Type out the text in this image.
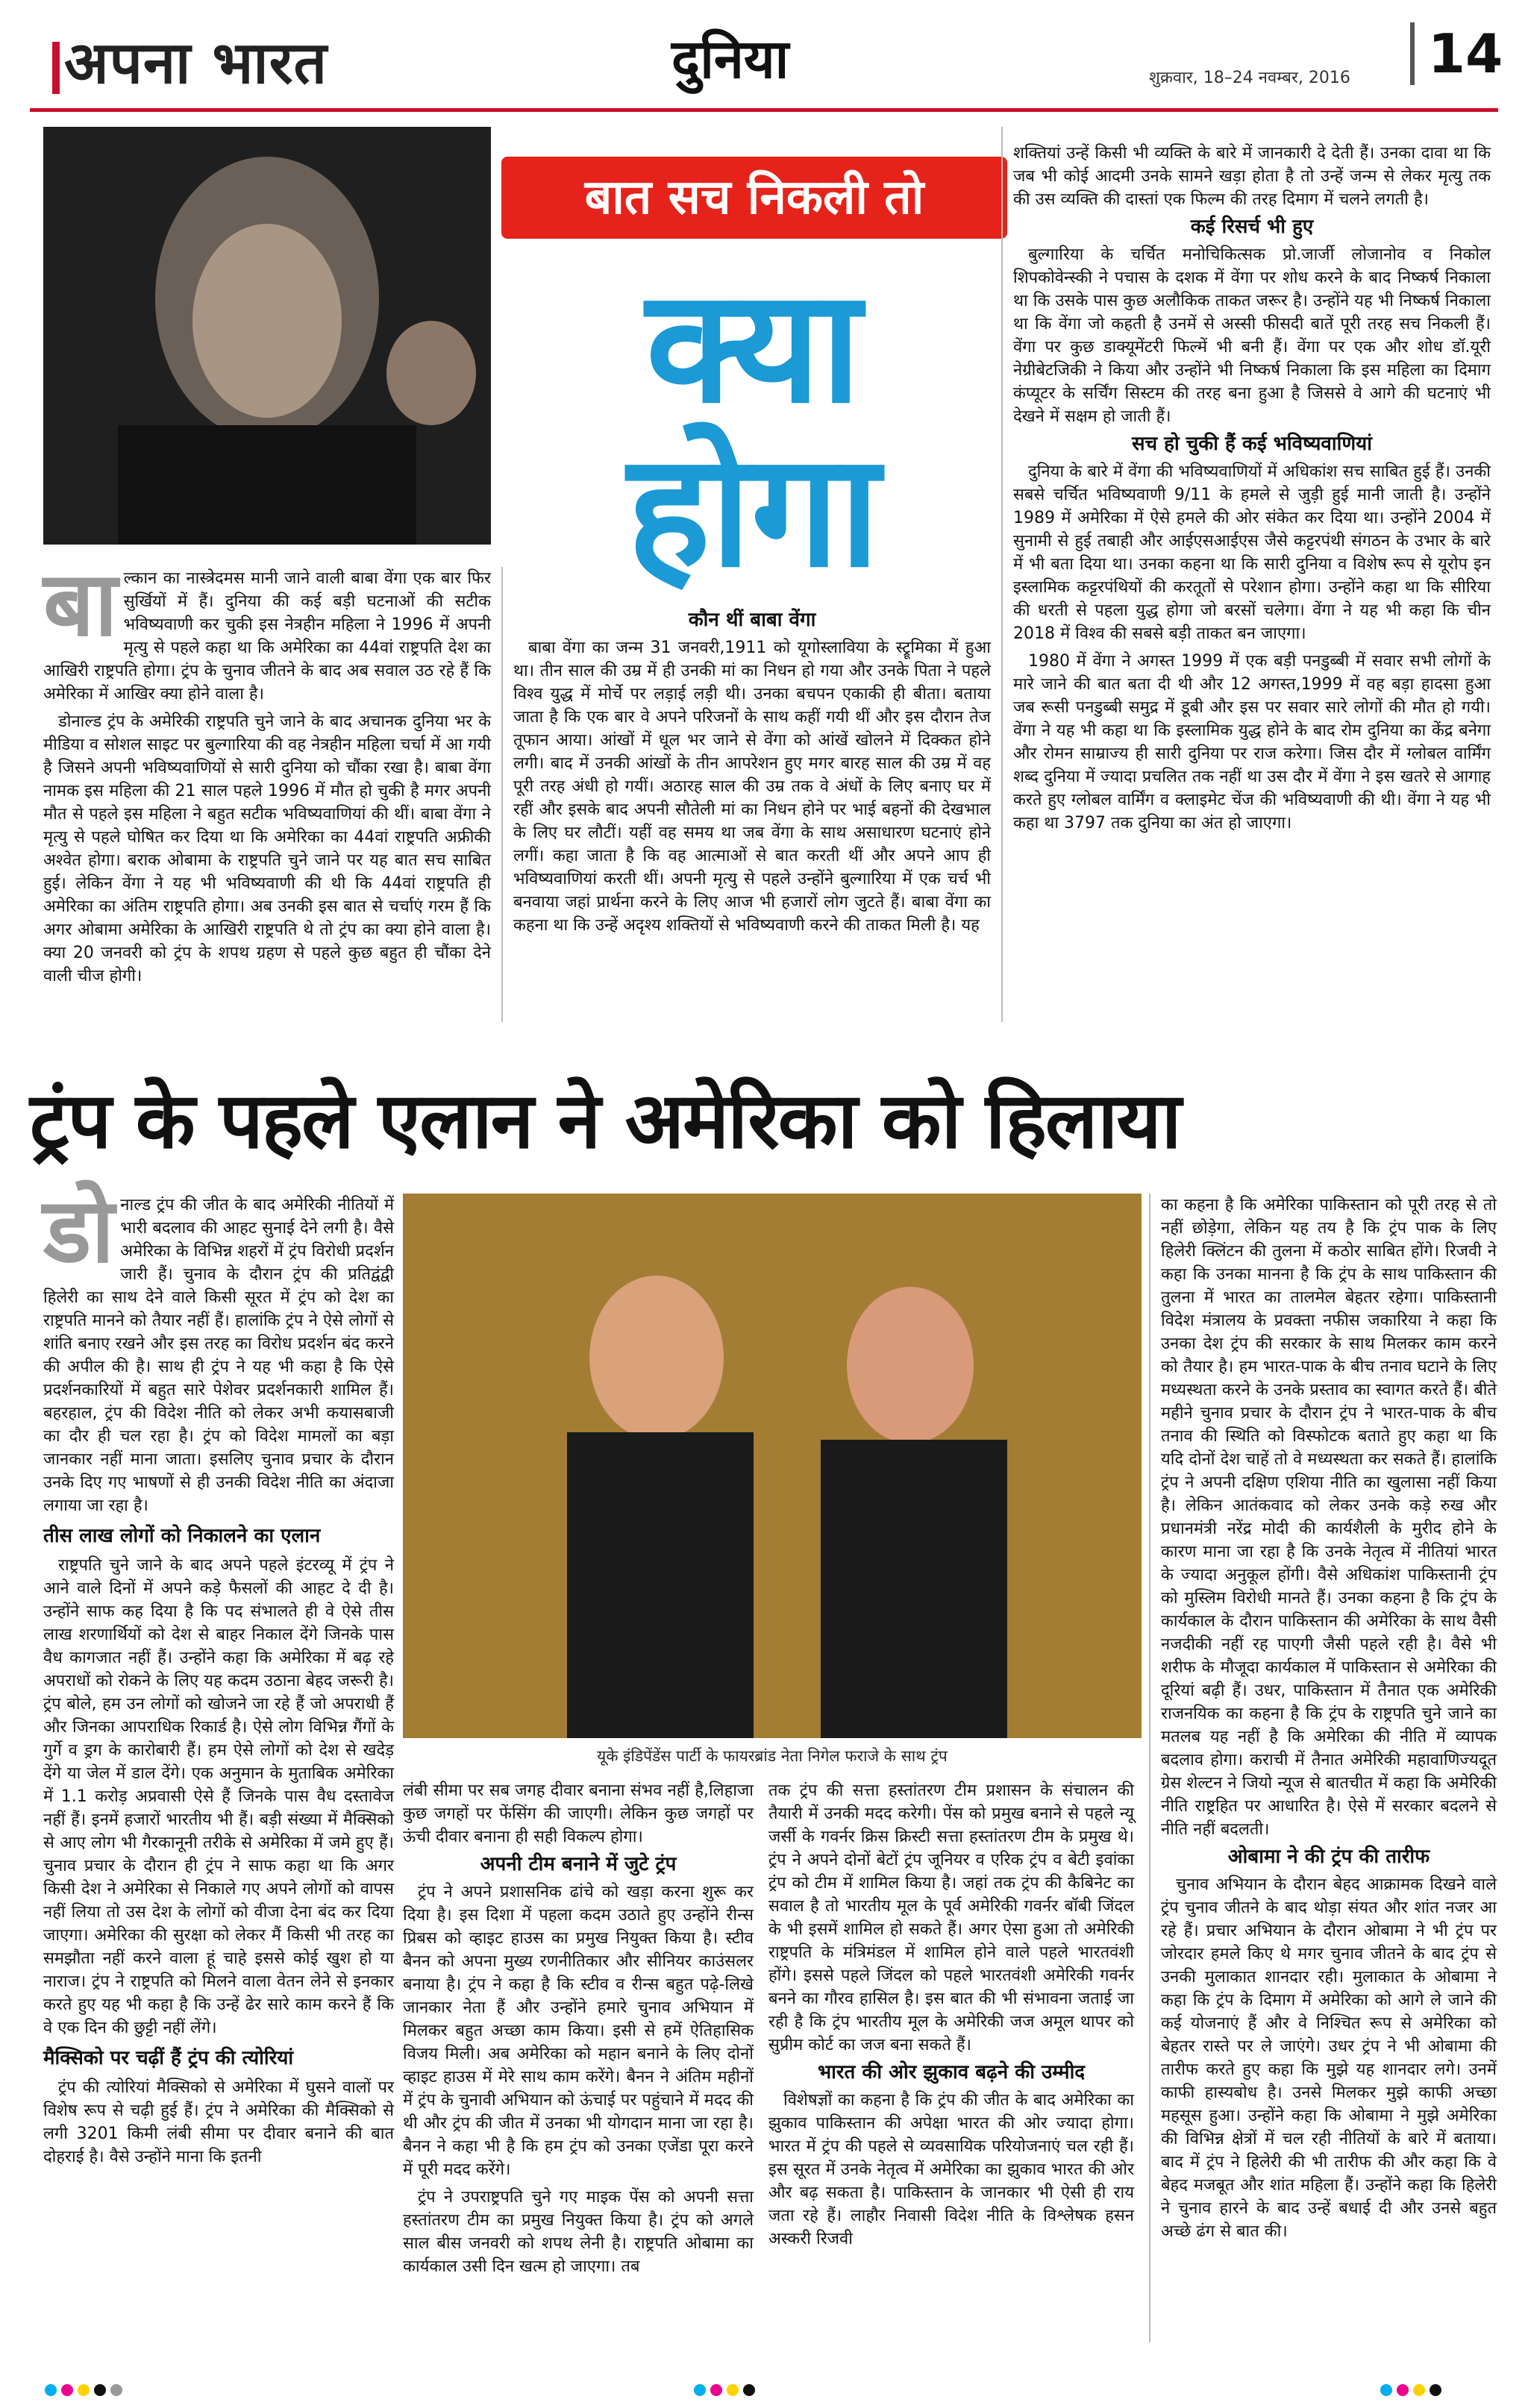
अपना भारत	दुनिया	शुक्रवार, 18–24 नवम्बर, 2016	14
बात सच निकली तो
क्या
होगा
बा ल्कान का नास्त्रेदमस मानी जाने वाली बाबा वेंगा एक बार फिर सुर्खियों में हैं। दुनिया की कई बड़ी घटनाओं की सटीक भविष्यवाणी कर चुकी इस नेत्रहीन महिला ने 1996 में अपनी मृत्यु से पहले कहा था कि अमेरिका का 44वां राष्ट्रपति देश का आखिरी राष्ट्रपति होगा। ट्रंप के चुनाव जीतने के बाद अब सवाल उठ रहे हैं कि अमेरिका में आखिर क्या होने वाला है।

डोनाल्ड ट्रंप के अमेरिकी राष्ट्रपति चुने जाने के बाद अचानक दुनिया भर के मीडिया व सोशल साइट पर बुल्गारिया की वह नेत्रहीन महिला चर्चा में आ गयी है जिसने अपनी भविष्यवाणियों से सारी दुनिया को चौंका रखा है। बाबा वेंगा नामक इस महिला की 21 साल पहले 1996 में मौत हो चुकी है मगर अपनी मौत से पहले इस महिला ने बहुत सटीक भविष्यवाणियां की थीं। बाबा वेंगा ने मृत्यु से पहले घोषित कर दिया था कि अमेरिका का 44वां राष्ट्रपति अफ्रीकी अश्वेत होगा। बराक ओबामा के राष्ट्रपति चुने जाने पर यह बात सच साबित हुई। लेकिन वेंगा ने यह भी भविष्यवाणी की थी कि 44वां राष्ट्रपति ही अमेरिका का अंतिम राष्ट्रपति होगा। अब उनकी इस बात से चर्चाएं गरम हैं कि अगर ओबामा अमेरिका के आखिरी राष्ट्रपति थे तो ट्रंप का क्या होने वाला है। क्या 20 जनवरी को ट्रंप के शपथ ग्रहण से पहले कुछ बहुत ही चौंका देने वाली चीज होगी।

कौन थीं बाबा वेंगा

बाबा वेंगा का जन्म 31 जनवरी,1911 को यूगोस्लाविया के स्ट्रूमिका में हुआ था। तीन साल की उम्र में ही उनकी मां का निधन हो गया और उनके पिता ने पहले विश्व युद्ध में मोर्चे पर लड़ाई लड़ी थी। उनका बचपन एकाकी ही बीता। बताया जाता है कि एक बार वे अपने परिजनों के साथ कहीं गयी थीं और इस दौरान तेज तूफान आया। आंखों में धूल भर जाने से वेंगा को आंखें खोलने में दिक्कत होने लगी। बाद में उनकी आंखों के तीन आपरेशन हुए मगर बारह साल की उम्र में वह पूरी तरह अंधी हो गयीं। अठारह साल की उम्र तक वे अंधों के लिए बनाए घर में रहीं और इसके बाद अपनी सौतेली मां का निधन होने पर भाई बहनों की देखभाल के लिए घर लौटीं। यहीं वह समय था जब वेंगा के साथ असाधारण घटनाएं होने लगीं। कहा जाता है कि वह आत्माओं से बात करती थीं और अपने आप ही भविष्यवाणियां करती थीं। अपनी मृत्यु से पहले उन्होंने बुल्गारिया में एक चर्च भी बनवाया जहां प्रार्थना करने के लिए आज भी हजारों लोग जुटते हैं। बाबा वेंगा का कहना था कि उन्हें अदृश्य शक्तियों से भविष्यवाणी करने की ताकत मिली है। यह

शक्तियां उन्हें किसी भी व्यक्ति के बारे में जानकारी दे देती हैं। उनका दावा था कि जब भी कोई आदमी उनके सामने खड़ा होता है तो उन्हें जन्म से लेकर मृत्यु तक की उस व्यक्ति की दास्तां एक फिल्म की तरह दिमाग में चलने लगती है।

कई रिसर्च भी हुए

बुल्गारिया के चर्चित मनोचिकित्सक प्रो.जार्जी लोजानोव व निकोल शिपकोवेन्स्की ने पचास के दशक में वेंगा पर शोध करने के बाद निष्कर्ष निकाला था कि उसके पास कुछ अलौकिक ताकत जरूर है। उन्होंने यह भी निष्कर्ष निकाला था कि वेंगा जो कहती है उनमें से अस्सी फीसदी बातें पूरी तरह सच निकली हैं। वेंगा पर कुछ डाक्यूमेंटरी फिल्में भी बनी हैं। वेंगा पर एक और शोध डॉ.यूरी नेग्रीबेटजिकी ने किया और उन्होंने भी निष्कर्ष निकाला कि इस महिला का दिमाग कंप्यूटर के सर्चिंग सिस्टम की तरह बना हुआ है जिससे वे आगे की घटनाएं भी देखने में सक्षम हो जाती हैं।

सच हो चुकी हैं कई भविष्यवाणियां

दुनिया के बारे में वेंगा की भविष्यवाणियों में अधिकांश सच साबित हुई हैं। उनकी सबसे चर्चित भविष्यवाणी 9/11 के हमले से जुड़ी हुई मानी जाती है। उन्होंने 1989 में अमेरिका में ऐसे हमले की ओर संकेत कर दिया था। उन्होंने 2004 में सुनामी से हुई तबाही और आईएसआईएस जैसे कट्टरपंथी संगठन के उभार के बारे में भी बता दिया था। उनका कहना था कि सारी दुनिया व विशेष रूप से यूरोप इन इस्लामिक कट्टरपंथियों की करतूतों से परेशान होगा। उन्होंने कहा था कि सीरिया की धरती से पहला युद्ध होगा जो बरसों चलेगा। वेंगा ने यह भी कहा कि चीन 2018 में विश्व की सबसे बड़ी ताकत बन जाएगा।

1980 में वेंगा ने अगस्त 1999 में एक बड़ी पनडुब्बी में सवार सभी लोगों के मारे जाने की बात बता दी थी और 12 अगस्त,1999 में वह बड़ा हादसा हुआ जब रूसी पनडुब्बी समुद्र में डूबी और इस पर सवार सारे लोगों की मौत हो गयी। वेंगा ने यह भी कहा था कि इस्लामिक युद्ध होने के बाद रोम दुनिया का केंद्र बनेगा और रोमन साम्राज्य ही सारी दुनिया पर राज करेगा। जिस दौर में ग्लोबल वार्मिंग शब्द दुनिया में ज्यादा प्रचलित तक नहीं था उस दौर में वेंगा ने इस खतरे से आगाह करते हुए ग्लोबल वार्मिंग व क्लाइमेट चेंज की भविष्यवाणी की थी। वेंगा ने यह भी कहा था 3797 तक दुनिया का अंत हो जाएगा।

ट्रंप के पहले एलान ने अमेरिका को हिलाया
डो नाल्ड ट्रंप की जीत के बाद अमेरिकी नीतियों में भारी बदलाव की आहट सुनाई देने लगी है। वैसे अमेरिका के विभिन्न शहरों में ट्रंप विरोधी प्रदर्शन जारी हैं। चुनाव के दौरान ट्रंप की प्रतिद्वंद्वी हिलेरी का साथ देने वाले किसी सूरत में ट्रंप को देश का राष्ट्रपति मानने को तैयार नहीं हैं। हालांकि ट्रंप ने ऐसे लोगों से शांति बनाए रखने और इस तरह का विरोध प्रदर्शन बंद करने की अपील की है। साथ ही ट्रंप ने यह भी कहा है कि ऐसे प्रदर्शनकारियों में बहुत सारे पेशेवर प्रदर्शनकारी शामिल हैं। बहरहाल, ट्रंप की विदेश नीति को लेकर अभी कयासबाजी का दौर ही चल रहा है। ट्रंप को विदेश मामलों का बड़ा जानकार नहीं माना जाता। इसलिए चुनाव प्रचार के दौरान उनके दिए गए भाषणों से ही उनकी विदेश नीति का अंदाजा लगाया जा रहा है।

तीस लाख लोगों को निकालने का एलान

राष्ट्रपति चुने जाने के बाद अपने पहले इंटरव्यू में ट्रंप ने आने वाले दिनों में अपने कड़े फैसलों की आहट दे दी है। उन्होंने साफ कह दिया है कि पद संभालते ही वे ऐसे तीस लाख शरणार्थियों को देश से बाहर निकाल देंगे जिनके पास वैध कागजात नहीं हैं। उन्होंने कहा कि अमेरिका में बढ़ रहे अपराधों को रोकने के लिए यह कदम उठाना बेहद जरूरी है। ट्रंप बोले, हम उन लोगों को खोजने जा रहे हैं जो अपराधी हैं और जिनका आपराधिक रिकार्ड है। ऐसे लोग विभिन्न गैंगों के गुर्गे व ड्रग के कारोबारी हैं। हम ऐसे लोगों को देश से खदेड़ देंगे या जेल में डाल देंगे। एक अनुमान के मुताबिक अमेरिका में 1.1 करोड़ अप्रवासी ऐसे हैं जिनके पास वैध दस्तावेज नहीं हैं। इनमें हजारों भारतीय भी हैं। बड़ी संख्या में मैक्सिको से आए लोग भी गैरकानूनी तरीके से अमेरिका में जमे हुए हैं। चुनाव प्रचार के दौरान ही ट्रंप ने साफ कहा था कि अगर किसी देश ने अमेरिका से निकाले गए अपने लोगों को वापस नहीं लिया तो उस देश के लोगों को वीजा देना बंद कर दिया जाएगा। अमेरिका की सुरक्षा को लेकर मैं किसी भी तरह का समझौता नहीं करने वाला हूं चाहे इससे कोई खुश हो या नाराज। ट्रंप ने राष्ट्रपति को मिलने वाला वेतन लेने से इनकार करते हुए यह भी कहा है कि उन्हें ढेर सारे काम करने हैं कि वे एक दिन की छुट्टी नहीं लेंगे।

मैक्सिको पर चढ़ीं हैं ट्रंप की त्योरियां

ट्रंप की त्योरियां मैक्सिको से अमेरिका में घुसने वालों पर विशेष रूप से चढ़ी हुई हैं। ट्रंप ने अमेरिका की मैक्सिको से लगी 3201 किमी लंबी सीमा पर दीवार बनाने की बात दोहराई है। वैसे उन्होंने माना कि इतनी

यूके इंडिपेंडेंस पार्टी के फायरब्रांड नेता निगेल फराजे के साथ ट्रंप

लंबी सीमा पर सब जगह दीवार बनाना संभव नहीं है,लिहाजा कुछ जगहों पर फेंसिंग की जाएगी। लेकिन कुछ जगहों पर ऊंची दीवार बनाना ही सही विकल्प होगा।

अपनी टीम बनाने में जुटे ट्रंप

ट्रंप ने अपने प्रशासनिक ढांचे को खड़ा करना शुरू कर दिया है। इस दिशा में पहला कदम उठाते हुए उन्होंने रीन्स प्रिबस को व्हाइट हाउस का प्रमुख नियुक्त किया है। स्टीव बैनन को अपना मुख्य रणनीतिकार और सीनियर काउंसलर बनाया है। ट्रंप ने कहा है कि स्टीव व रीन्स बहुत पढ़े-लिखे जानकार नेता हैं और उन्होंने हमारे चुनाव अभियान में मिलकर बहुत अच्छा काम किया। इसी से हमें ऐतिहासिक विजय मिली। अब अमेरिका को महान बनाने के लिए दोनों व्हाइट हाउस में मेरे साथ काम करेंगे। बैनन ने अंतिम महीनों में ट्रंप के चुनावी अभियान को ऊंचाई पर पहुंचाने में मदद की थी और ट्रंप की जीत में उनका भी योगदान माना जा रहा है। बैनन ने कहा भी है कि हम ट्रंप को उनका एजेंडा पूरा करने में पूरी मदद करेंगे।

ट्रंप ने उपराष्ट्रपति चुने गए माइक पेंस को अपनी सत्ता हस्तांतरण टीम का प्रमुख नियुक्त किया है। ट्रंप को अगले साल बीस जनवरी को शपथ लेनी है। राष्ट्रपति ओबामा का कार्यकाल उसी दिन खत्म हो जाएगा। तब

तक ट्रंप की सत्ता हस्तांतरण टीम प्रशासन के संचालन की तैयारी में उनकी मदद करेगी। पेंस को प्रमुख बनाने से पहले न्यू जर्सी के गवर्नर क्रिस क्रिस्टी सत्ता हस्तांतरण टीम के प्रमुख थे। ट्रंप ने अपने दोनों बेटों ट्रंप जूनियर व एरिक ट्रंप व बेटी इवांका ट्रंप को टीम में शामिल किया है। जहां तक ट्रंप की कैबिनेट का सवाल है तो भारतीय मूल के पूर्व अमेरिकी गवर्नर बॉबी जिंदल के भी इसमें शामिल हो सकते हैं। अगर ऐसा हुआ तो अमेरिकी राष्ट्रपति के मंत्रिमंडल में शामिल होने वाले पहले भारतवंशी होंगे। इससे पहले जिंदल को पहले भारतवंशी अमेरिकी गवर्नर बनने का गौरव हासिल है। इस बात की भी संभावना जताई जा रही है कि ट्रंप भारतीय मूल के अमेरिकी जज अमूल थापर को सुप्रीम कोर्ट का जज बना सकते हैं।

भारत की ओर झुकाव बढ़ने की उम्मीद

विशेषज्ञों का कहना है कि ट्रंप की जीत के बाद अमेरिका का झुकाव पाकिस्तान की अपेक्षा भारत की ओर ज्यादा होगा। भारत में ट्रंप की पहले से व्यवसायिक परियोजनाएं चल रही हैं। इस सूरत में उनके नेतृत्व में अमेरिका का झुकाव भारत की ओर और बढ़ सकता है। पाकिस्तान के जानकार भी ऐसी ही राय जता रहे हैं। लाहौर निवासी विदेश नीति के विश्लेषक हसन अस्करी रिजवी

का कहना है कि अमेरिका पाकिस्तान को पूरी तरह से तो नहीं छोड़ेगा, लेकिन यह तय है कि ट्रंप पाक के लिए हिलेरी क्लिंटन की तुलना में कठोर साबित होंगे। रिजवी ने कहा कि उनका मानना है कि ट्रंप के साथ पाकिस्तान की तुलना में भारत का तालमेल बेहतर रहेगा। पाकिस्तानी विदेश मंत्रालय के प्रवक्ता नफीस जकारिया ने कहा कि उनका देश ट्रंप की सरकार के साथ मिलकर काम करने को तैयार है। हम भारत-पाक के बीच तनाव घटाने के लिए मध्यस्थता करने के उनके प्रस्ताव का स्वागत करते हैं। बीते महीने चुनाव प्रचार के दौरान ट्रंप ने भारत-पाक के बीच तनाव की स्थिति को विस्फोटक बताते हुए कहा था कि यदि दोनों देश चाहें तो वे मध्यस्थता कर सकते हैं। हालांकि ट्रंप ने अपनी दक्षिण एशिया नीति का खुलासा नहीं किया है। लेकिन आतंकवाद को लेकर उनके कड़े रुख और प्रधानमंत्री नरेंद्र मोदी की कार्यशैली के मुरीद होने के कारण माना जा रहा है कि उनके नेतृत्व में नीतियां भारत के ज्यादा अनुकूल होंगी। वैसे अधिकांश पाकिस्तानी ट्रंप को मुस्लिम विरोधी मानते हैं। उनका कहना है कि ट्रंप के कार्यकाल के दौरान पाकिस्तान की अमेरिका के साथ वैसी नजदीकी नहीं रह पाएगी जैसी पहले रही है। वैसे भी शरीफ के मौजूदा कार्यकाल में पाकिस्तान से अमेरिका की दूरियां बढ़ी हैं। उधर, पाकिस्तान में तैनात एक अमेरिकी राजनयिक का कहना है कि ट्रंप के राष्ट्रपति चुने जाने का मतलब यह नहीं है कि अमेरिका की नीति में व्यापक बदलाव होगा। कराची में तैनात अमेरिकी महावाणिज्यदूत ग्रेस शेल्टन ने जियो न्यूज से बातचीत में कहा कि अमेरिकी नीति राष्ट्रहित पर आधारित है। ऐसे में सरकार बदलने से नीति नहीं बदलती।

ओबामा ने की ट्रंप की तारीफ

चुनाव अभियान के दौरान बेहद आक्रामक दिखने वाले ट्रंप चुनाव जीतने के बाद थोड़ा संयत और शांत नजर आ रहे हैं। प्रचार अभियान के दौरान ओबामा ने भी ट्रंप पर जोरदार हमले किए थे मगर चुनाव जीतने के बाद ट्रंप से उनकी मुलाकात शानदार रही। मुलाकात के ओबामा ने कहा कि ट्रंप के दिमाग में अमेरिका को आगे ले जाने की कई योजनाएं हैं और वे निश्चित रूप से अमेरिका को बेहतर रास्ते पर ले जाएंगे। उधर ट्रंप ने भी ओबामा की तारीफ करते हुए कहा कि मुझे यह शानदार लगे। उनमें काफी हास्यबोध है। उनसे मिलकर मुझे काफी अच्छा महसूस हुआ। उन्होंने कहा कि ओबामा ने मुझे अमेरिका की विभिन्न क्षेत्रों में चल रही नीतियों के बारे में बताया। बाद में ट्रंप ने हिलेरी की भी तारीफ की और कहा कि वे बेहद मजबूत और शांत महिला हैं। उन्होंने कहा कि हिलेरी ने चुनाव हारने के बाद उन्हें बधाई दी और उनसे बहुत अच्छे ढंग से बात की।
